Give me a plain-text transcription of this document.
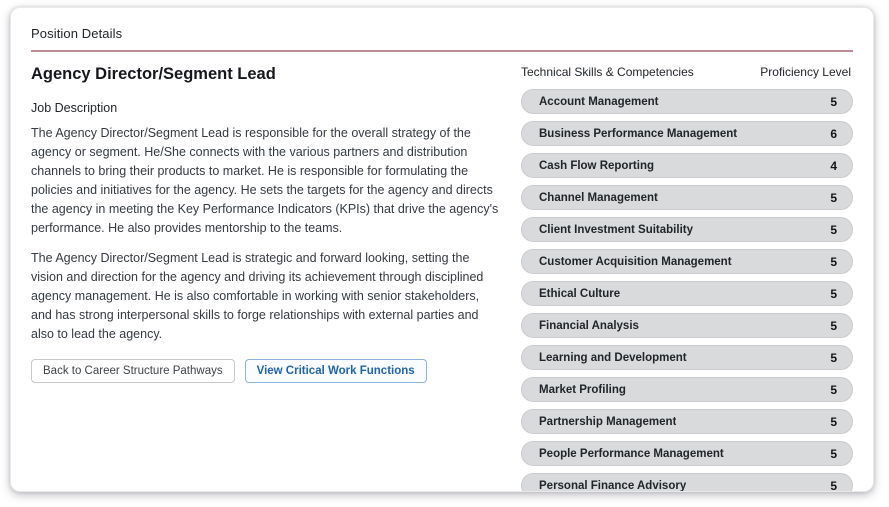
Position Details
Agency Director/Segment Lead
Job Description

The Agency Director/Segment Lead is responsible for the overall strategy of the agency or segment. He/She connects with the various partners and distribution channels to bring their products to market. He is responsible for formulating the policies and initiatives for the agency. He sets the targets for the agency and directs the agency in meeting the Key Performance Indicators (KPIs) that drive the agency's performance. He also provides mentorship to the teams.

The Agency Director/Segment Lead is strategic and forward looking, setting the vision and direction for the agency and driving its achievement through disciplined agency management. He is also comfortable in working with senior stakeholders, and has strong interpersonal skills to forge relationships with external parties and also to lead the agency.

Back to Career Structure Pathways	View Critical Work Functions
Technical Skills & Competencies	Proficiency Level
Account Management	5
Business Performance Management	6
Cash Flow Reporting	4
Channel Management	5
Client Investment Suitability	5
Customer Acquisition Management	5
Ethical Culture	5
Financial Analysis	5
Learning and Development	5
Market Profiling	5
Partnership Management	5
People Performance Management	5
Personal Finance Advisory	5
